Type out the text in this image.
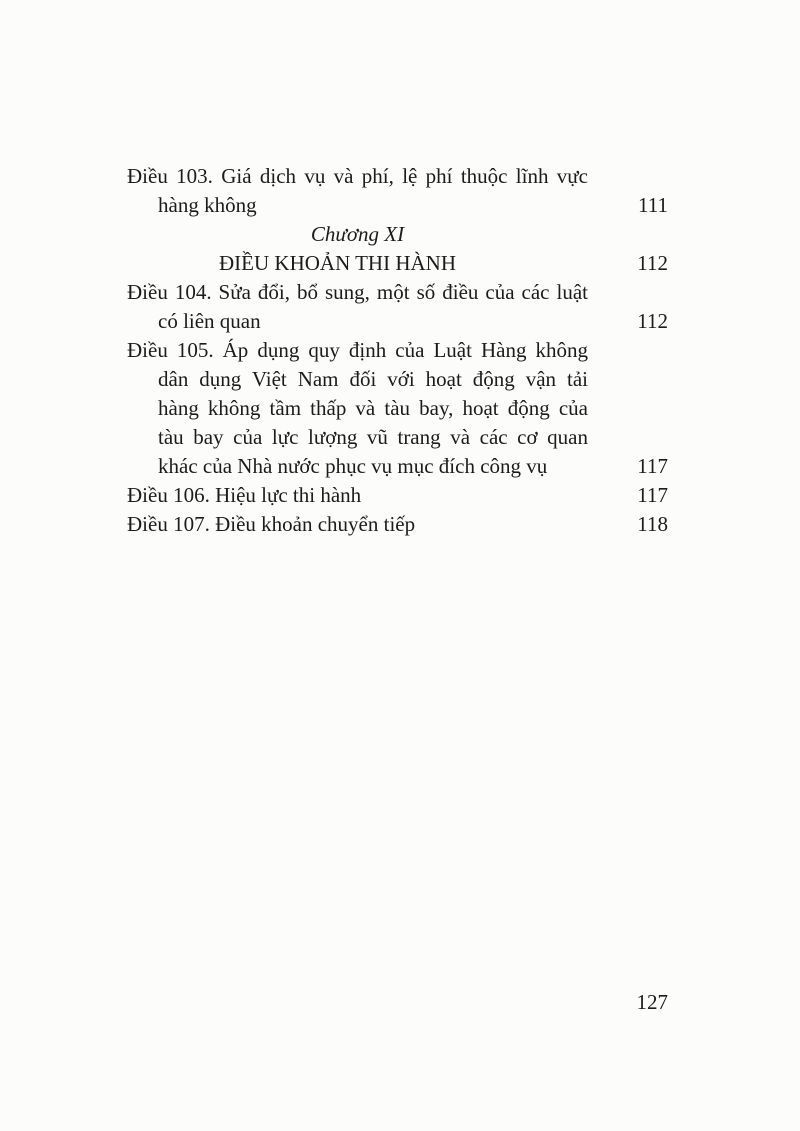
Điều 103. Giá dịch vụ và phí, lệ phí thuộc lĩnh vực
hàng không	111
Chương XI
ĐIỀU KHOẢN THI HÀNH	112
Điều 104. Sửa đổi, bổ sung, một số điều của các luật
có liên quan	112
Điều 105. Áp dụng quy định của Luật Hàng không
dân dụng Việt Nam đối với hoạt động vận tải
hàng không tầm thấp và tàu bay, hoạt động của
tàu bay của lực lượng vũ trang và các cơ quan
khác của Nhà nước phục vụ mục đích công vụ	117
Điều 106. Hiệu lực thi hành	117
Điều 107. Điều khoản chuyển tiếp	118
127
